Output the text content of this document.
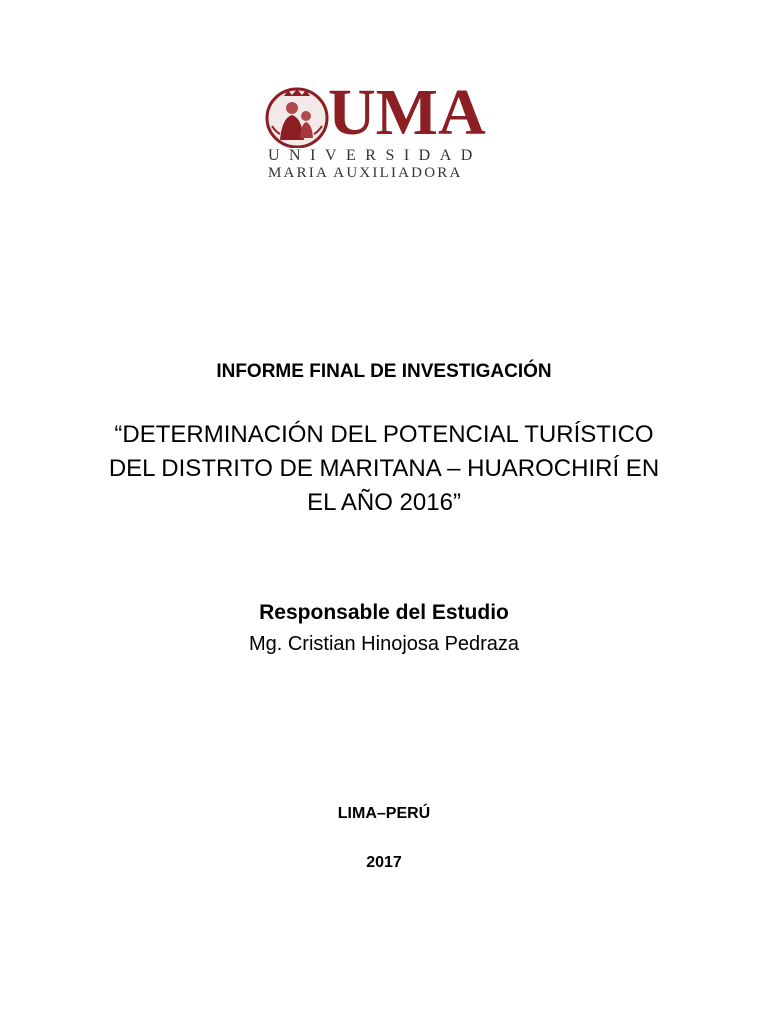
UMA
UNIVERSIDAD
MARIA AUXILIADORA
INFORME FINAL DE INVESTIGACIÓN
“DETERMINACIÓN DEL POTENCIAL TURÍSTICO
DEL DISTRITO DE MARITANA – HUAROCHIRÍ EN
EL AÑO 2016”
Responsable del Estudio
Mg. Cristian Hinojosa Pedraza
LIMA–PERÚ
2017
